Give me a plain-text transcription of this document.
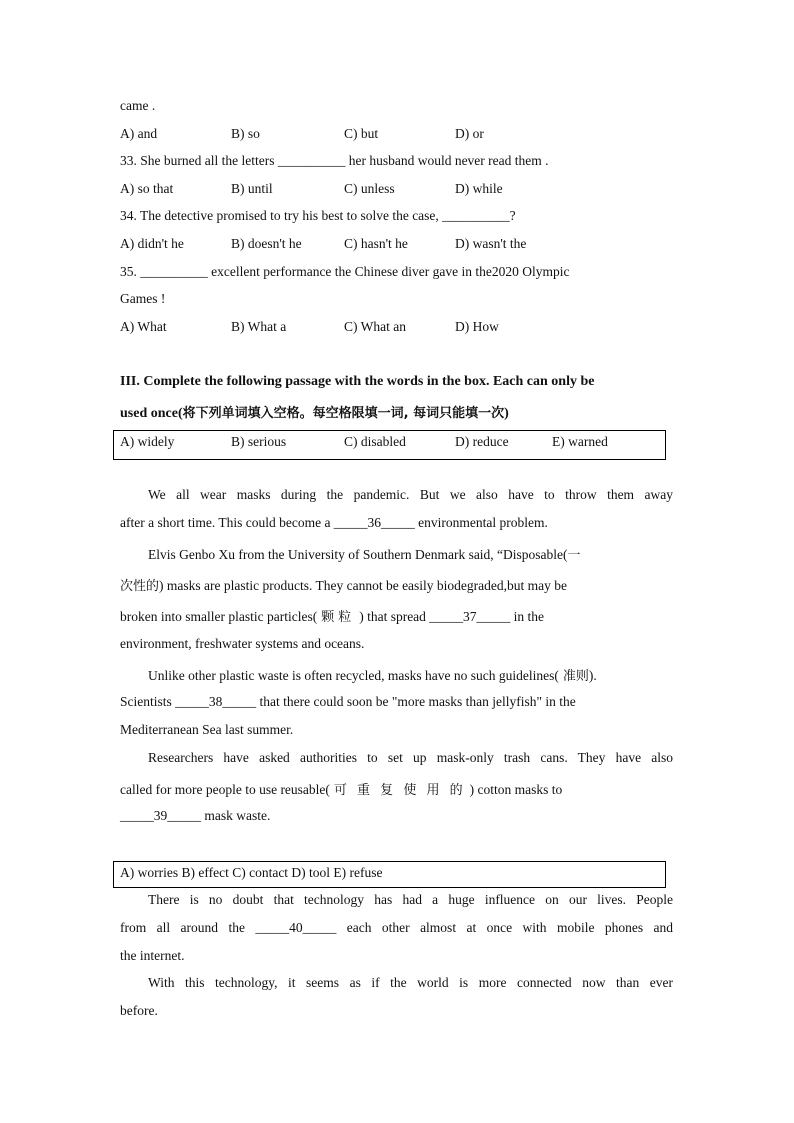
came .
A) and	B) so	C) but	D) or
33. She burned all the letters __________ her husband would never read them .
A) so that	B) until	C) unless	D) while
34. The detective promised to try his best to solve the case, __________?
A) didn't he	B) doesn't he	C) hasn't he	D) wasn't the
35. __________ excellent performance the Chinese diver gave in the2020 Olympic
Games !
A) What	B) What a	C) What an	D) How
III. Complete the following passage with the words in the box. Each can only be
used once(将下列单词填入空格。每空格限填一词, 每词只能填一次)
A) widely	B) serious	C) disabled	D) reduce	E) warned
We all wear masks during the pandemic. But we also have to throw them away
after a short time. This could become a _____36_____ environmental problem.
Elvis Genbo Xu from the University of Southern Denmark said, “Disposable(一
次性的) masks are plastic products. They cannot be easily biodegraded,but may be
broken into smaller plastic particles( 颗粒 ) that spread _____37_____ in the
environment, freshwater systems and oceans.
Unlike other plastic waste is often recycled, masks have no such guidelines( 准则).
Scientists _____38_____ that there could soon be "more masks than jellyfish" in the
Mediterranean Sea last summer.
Researchers have asked authorities to set up mask-only trash cans. They have also
called for more people to use reusable( 可 重 复 使 用 的 ) cotton masks to
_____39_____ mask waste.
A) worries B) effect C) contact D) tool E) refuse
There is no doubt that technology has had a huge influence on our lives. People
from all around the _____40_____ each other almost at once with mobile phones and
the internet.
With this technology, it seems as if the world is more connected now than ever
before.
